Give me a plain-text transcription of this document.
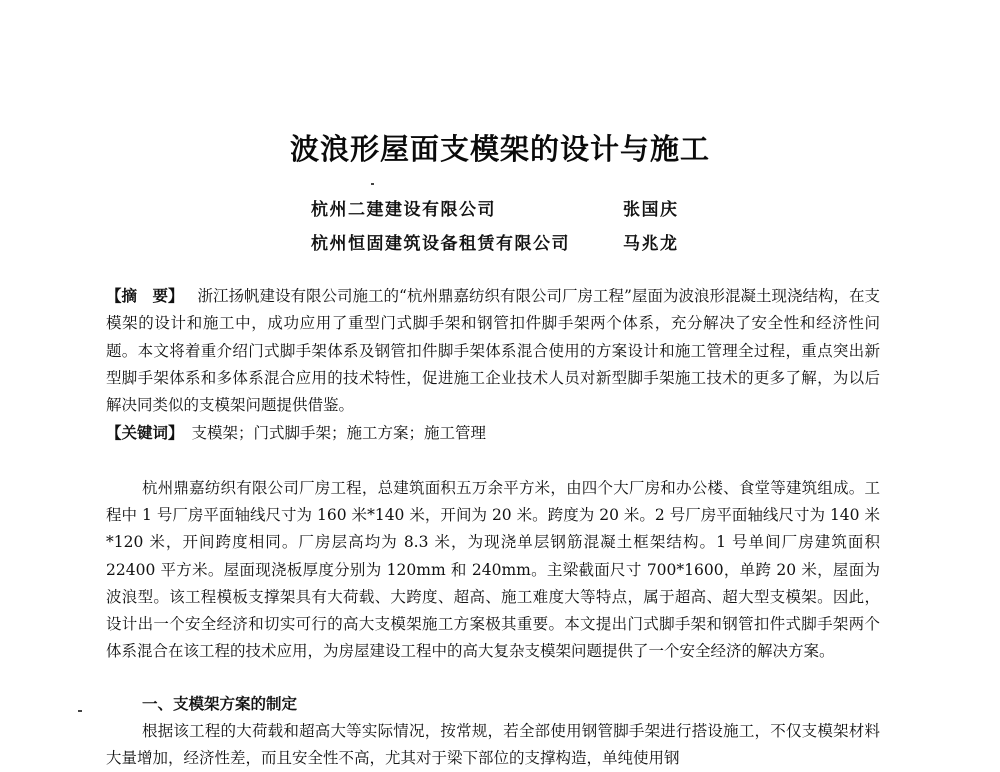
波浪形屋面支模架的设计与施工
杭州二建建设有限公司	张国庆
杭州恒固建筑设备租赁有限公司	马兆龙
【摘　要】 浙江扬帆建设有限公司施工的“杭州鼎嘉纺织有限公司厂房工程”屋面为波浪形混凝土现浇结构，在支模架的设计和施工中，成功应用了重型门式脚手架和钢管扣件脚手架两个体系，充分解决了安全性和经济性问题。本文将着重介绍门式脚手架体系及钢管扣件脚手架体系混合使用的方案设计和施工管理全过程，重点突出新型脚手架体系和多体系混合应用的技术特性，促进施工企业技术人员对新型脚手架施工技术的更多了解，为以后解决同类似的支模架问题提供借鉴。
【关键词】 支模架；门式脚手架；施工方案；施工管理
杭州鼎嘉纺织有限公司厂房工程，总建筑面积五万余平方米，由四个大厂房和办公楼、食堂等建筑组成。工程中 1 号厂房平面轴线尺寸为 160 米*140 米，开间为 20 米。跨度为 20 米。2 号厂房平面轴线尺寸为 140 米*120 米，开间跨度相同。厂房层高均为 8.3 米，为现浇单层钢筋混凝土框架结构。1 号单间厂房建筑面积 22400 平方米。屋面现浇板厚度分别为 120mm 和 240mm。主梁截面尺寸 700*1600，单跨 20 米，屋面为波浪型。该工程模板支撑架具有大荷载、大跨度、超高、施工难度大等特点，属于超高、超大型支模架。因此，设计出一个安全经济和切实可行的高大支模架施工方案极其重要。本文提出门式脚手架和钢管扣件式脚手架两个体系混合在该工程的技术应用，为房屋建设工程中的高大复杂支模架问题提供了一个安全经济的解决方案。
一、支模架方案的制定
根据该工程的大荷载和超高大等实际情况，按常规，若全部使用钢管脚手架进行搭设施工，不仅支模架材料大量增加，经济性差，而且安全性不高，尤其对于梁下部位的支撑构造，单纯使用钢
